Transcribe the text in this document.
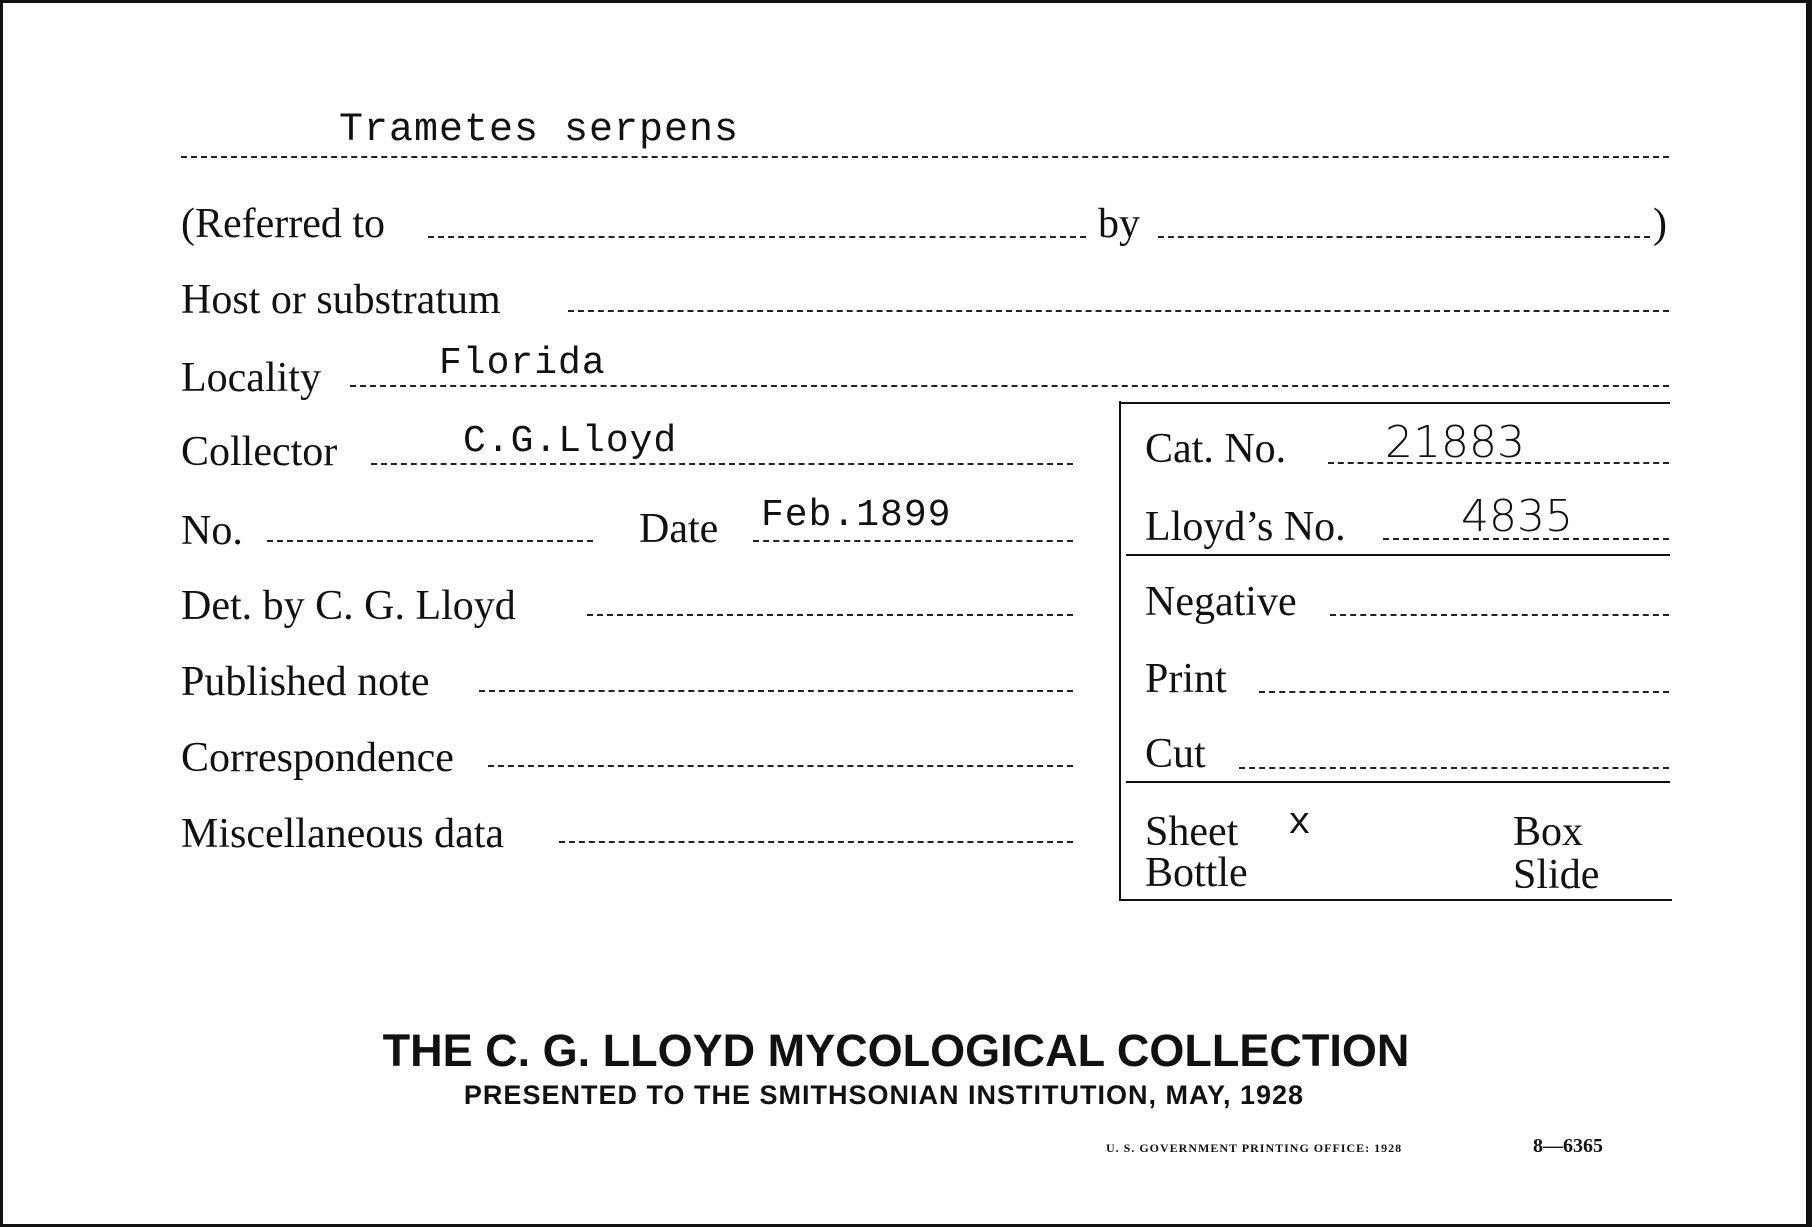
Trametes serpens
(Referred to	by	)
Host or substratum
Locality	Florida
Collector	C.G.Lloyd	Cat. No. 21883
No.	Date Feb.1899	Lloyd’s No.	4835
Det. by C. G. Lloyd	Negative
Published note	Print
Correspondence	Cut
Miscellaneous data	Sheet x	Box
Bottle	Slide
THE C. G. LLOYD MYCOLOGICAL COLLECTION
PRESENTED TO THE SMITHSONIAN INSTITUTION, MAY, 1928
U. S. GOVERNMENT PRINTING OFFICE: 1928	8—6365
